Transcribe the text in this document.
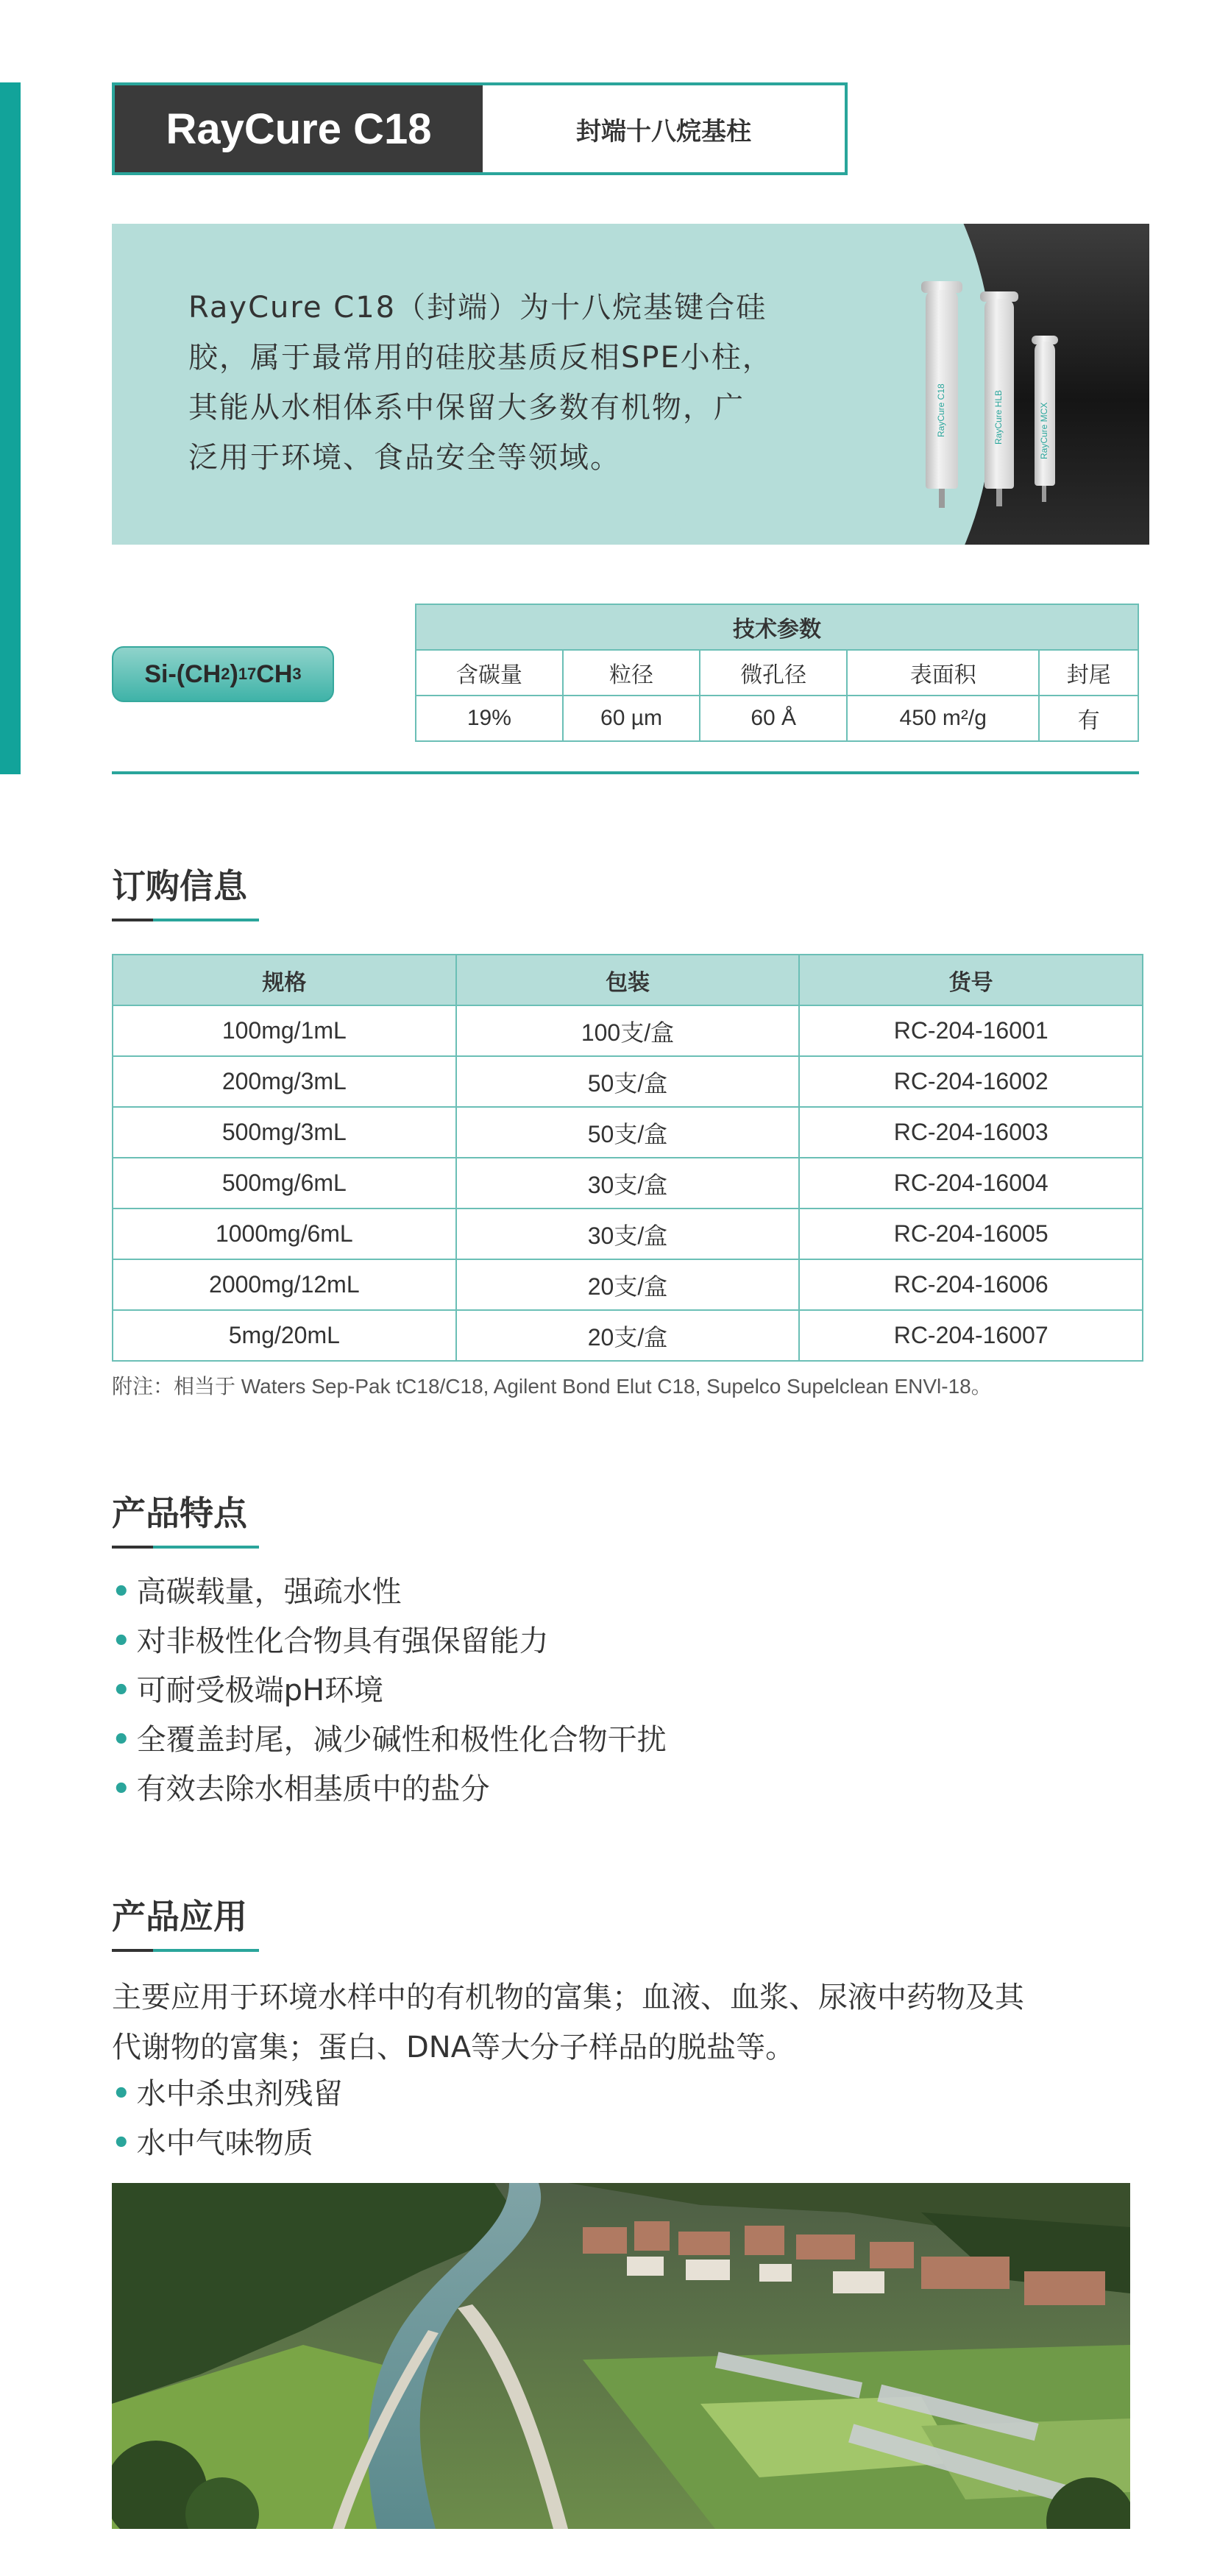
RayCure C18	封端十八烷基柱
RayCure C18（封端）为十八烷基键合硅
胶，属于最常用的硅胶基质反相SPE小柱，
其能从水相体系中保留大多数有机物，广
泛用于环境、食品安全等领域。
RayCure C18	RayCure HLB	RayCure MCX
Si-(CH 2 ) 17 CH 3
技术参数				
含碳量	粒径	微孔径	表面积	封尾
19%	60 µm	60 Å	450 m²/g	有
订购信息
规格	包装	货号
100mg/1mL	100支/盒	RC-204-16001
200mg/3mL	50支/盒	RC-204-16002
500mg/3mL	50支/盒	RC-204-16003
500mg/6mL	30支/盒	RC-204-16004
1000mg/6mL	30支/盒	RC-204-16005
2000mg/12mL	20支/盒	RC-204-16006
5mg/20mL	20支/盒	RC-204-16007
附注：相当于 Waters Sep-Pak tC18/C18, Agilent Bond Elut C18, Supelco Supelclean ENVl-18。
产品特点
• 高碳载量，强疏水性
• 对非极性化合物具有强保留能力
• 可耐受极端pH环境
• 全覆盖封尾，减少碱性和极性化合物干扰
• 有效去除水相基质中的盐分
产品应用
主要应用于环境水样中的有机物的富集；血液、血浆、尿液中药物及其
代谢物的富集；蛋白、DNA等大分子样品的脱盐等。
• 水中杀虫剂残留
• 水中气味物质
